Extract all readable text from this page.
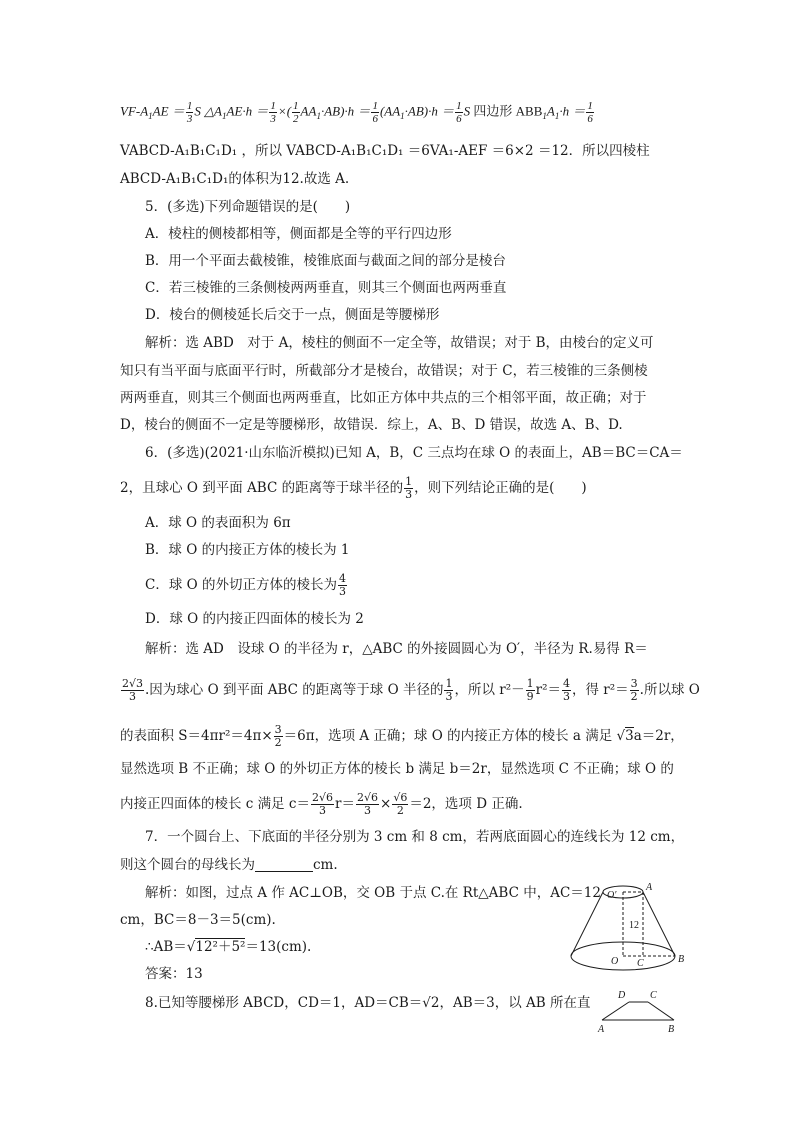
$VF-A_1AE = \frac{1}{3}$ S $\triangle A_1AE\cdot h = \frac{1}{3}$ ×( $\frac{1}{2} AA_1\cdot AB)\cdot h = \frac{1}{6} (AA_1\cdot AB)\cdot h = \frac{1}{6}$ S 四边形 $ABB_1A_1\cdot h = \frac{1}{6}$
VABCD-A₁B₁C₁D₁ ，所以 VABCD-A₁B₁C₁D₁ ＝6VA₁-AEF ＝6×2 ＝12．所以四棱柱
ABCD-A₁B₁C₁D₁的体积为12.故选 A.
5．(多选)下列命题错误的是(　　)
A．棱柱的侧棱都相等，侧面都是全等的平行四边形
B．用一个平面去截棱锥，棱锥底面与截面之间的部分是棱台
C．若三棱锥的三条侧棱两两垂直，则其三个侧面也两两垂直
D．棱台的侧棱延长后交于一点，侧面是等腰梯形
解析：选 ABD　对于 A，棱柱的侧面不一定全等，故错误；对于 B，由棱台的定义可
知只有当平面与底面平行时，所截部分才是棱台，故错误；对于 C，若三棱锥的三条侧棱
两两垂直，则其三个侧面也两两垂直，比如正方体中共点的三个相邻平面，故正确；对于
D，棱台的侧面不一定是等腰梯形，故错误．综上，A、B、D 错误，故选 A、B、D.
6．(多选)(2021·山东临沂模拟)已知 A，B，C 三点均在球 O 的表面上，AB＝BC＝CA＝
2，且球心 O 到平面 ABC 的距离等于球半径的 $\frac{1}{3}$ ，则下列结论正确的是(　　)
A．球 O 的表面积为 6π
B．球 O 的内接正方体的棱长为 1
C．球 O 的外切正方体的棱长为 $\frac{4}{3}$
D．球 O 的内接正四面体的棱长为 2
解析：选 AD　设球 O 的半径为 r，△ABC 的外接圆圆心为 O′，半径为 R.易得 R＝
$\frac{2√3}{3}$ .因为球心 O 到平面 ABC 的距离等于球 O 半径的 $\frac{1}{3}$ ，所以 $r^2- \frac{1}{9} r^2= \frac{4}{3}$ ，得 $r^2= \frac{3}{2}$ .所以球 O
的表面积 $S=4\pi r^2=4\pi\times \frac{3}{2} =6\pi$，选项 A 正确；球 O 的内接正方体的棱长 a 满足 √3a＝2r，
显然选项 B 不正确；球 O 的外切正方体的棱长 b 满足 b＝2r，显然选项 C 不正确；球 O 的
内接正四面体的棱长 c 满足 $c= \frac{2√6}{3} r= \frac{2√6}{3} \times \frac{√6}{2} =2$，选项 D 正确.
7．一个圆台上、下底面的半径分别为 3 cm 和 8 cm，若两底面圆心的连线长为 12 cm，
则这个圆台的母线长为	cm.
解析：如图，过点 A 作 AC⊥OB，交 OB 于点 C.在 Rt△ABC 中，AC＝12
cm，BC＝8－3＝5(cm).
∴AB＝√12²＋5²＝13(cm).
答案：13
O′
A
12
O C	B
8.已知等腰梯形 ABCD，CD＝1，AD＝CB＝√2，AB＝3，以 AB 所在直	D C
A	B
